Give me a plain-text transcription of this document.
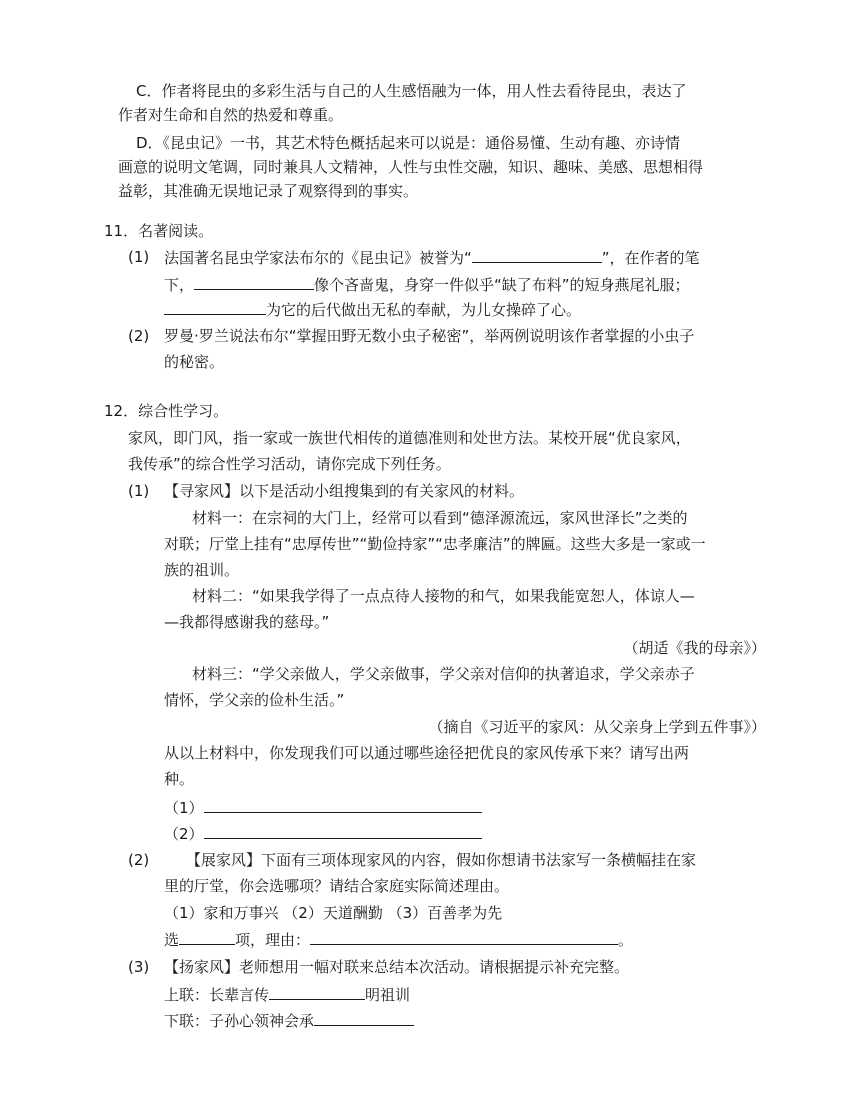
C．作者将昆虫的多彩生活与自己的人生感悟融为一体，用人性去看待昆虫，表达了
作者对生命和自然的热爱和尊重。
D．《昆虫记》一书，其艺术特色概括起来可以说是：通俗易懂、生动有趣、亦诗情
画意的说明文笔调，同时兼具人文精神，人性与虫性交融，知识、趣味、美感、思想相得
益彰，其准确无误地记录了观察得到的事实。
11．名著阅读。
(1) 法国著名昆虫学家法布尔的《昆虫记》被誉为“	”，在作者的笔
下，	像个吝啬鬼，身穿一件似乎“缺了布料”的短身燕尾礼服；
为它的后代做出无私的奉献，为儿女操碎了心。
(2) 罗曼·罗兰说法布尔“掌握田野无数小虫子秘密”，举两例说明该作者掌握的小虫子
的秘密。
12．综合性学习。
家风，即门风，指一家或一族世代相传的道德准则和处世方法。某校开展“优良家风，
我传承”的综合性学习活动，请你完成下列任务。
(1) 【寻家风】以下是活动小组搜集到的有关家风的材料。
材料一：在宗祠的大门上，经常可以看到“德泽源流远，家风世泽长”之类的
对联；厅堂上挂有“忠厚传世”“勤俭持家”“忠孝廉洁”的牌匾。这些大多是一家或一
族的祖训。
材料二：“如果我学得了一点点待人接物的和气，如果我能宽恕人，体谅人—
—我都得感谢我的慈母。”
（胡适《我的母亲》）
材料三：“学父亲做人，学父亲做事，学父亲对信仰的执著追求，学父亲赤子
情怀，学父亲的俭朴生活。”
（摘自《习近平的家风：从父亲身上学到五件事》）
从以上材料中，你发现我们可以通过哪些途径把优良的家风传承下来？请写出两
种。
（1）
（2）
(2) 【展家风】下面有三项体现家风的内容，假如你想请书法家写一条横幅挂在家
里的厅堂，你会选哪项？请结合家庭实际简述理由。
（1）家和万事兴 （2）天道酬勤 （3）百善孝为先
选	项，理由：	。
(3) 【扬家风】老师想用一幅对联来总结本次活动。请根据提示补充完整。
上联：长辈言传	明祖训
下联：子孙心领神会承
